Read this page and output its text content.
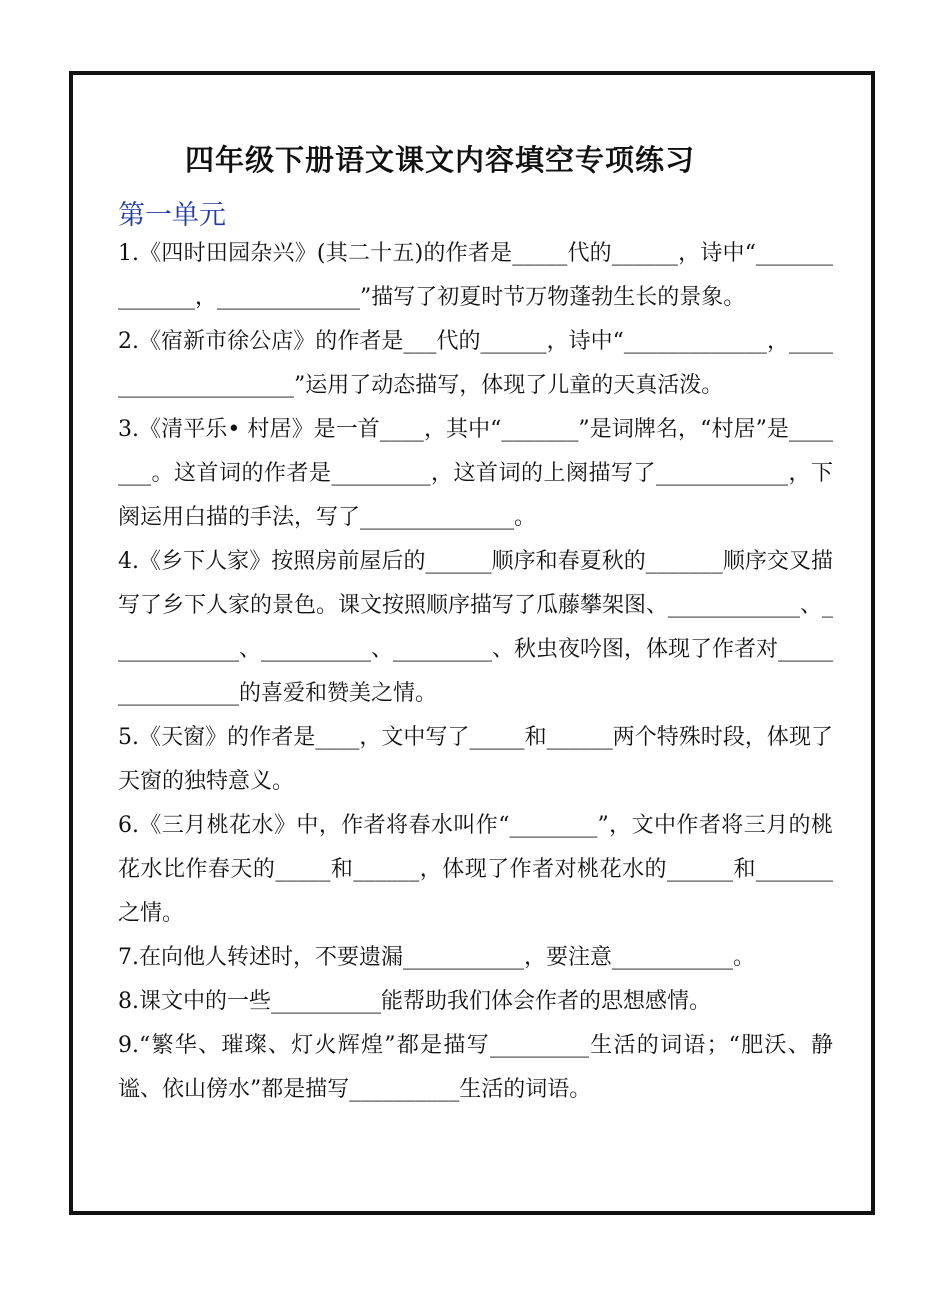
四年级下册语文课文内容填空专项练习
第一单元

1.《四时田园杂兴》(其二十五)的作者是_____代的______，诗中“______________，_____________”描写了初夏时节万物蓬勃生长的景象。

2.《宿新市徐公店》的作者是___代的______，诗中“_____________，____________________”运用了动态描写，体现了儿童的天真活泼。

3.《清平乐• 村居》是一首____，其中“_______”是词牌名，“村居”是_______。这首词的作者是_________，这首词的上阕描写了____________，下阕运用白描的手法，写了______________。

4.《乡下人家》按照房前屋后的______顺序和春夏秋的_______顺序交叉描写了乡下人家的景色。课文按照顺序描写了瓜藤攀架图、____________、____________、__________、_________、秋虫夜吟图，体现了作者对________________的喜爱和赞美之情。

5.《天窗》的作者是____，文中写了_____和______两个特殊时段，体现了天窗的独特意义。

6.《三月桃花水》中，作者将春水叫作“________”，文中作者将三月的桃花水比作春天的_____和______，体现了作者对桃花水的______和_______之情。

7.在向他人转述时，不要遗漏___________，要注意___________。

8.课文中的一些__________能帮助我们体会作者的思想感情。

9.“繁华、璀璨、灯火辉煌”都是描写_________生活的词语；“肥沃、静谧、依山傍水”都是描写__________生活的词语。
